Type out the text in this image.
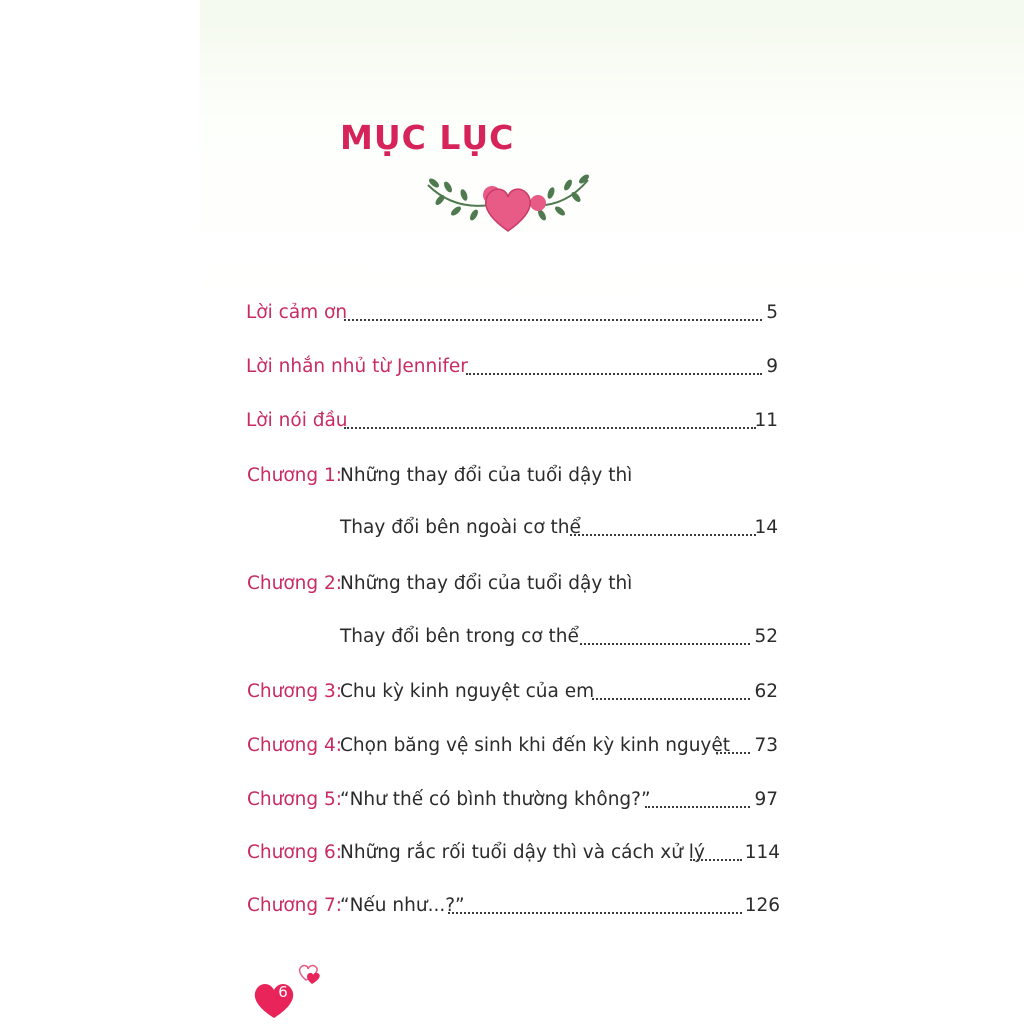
MỤC LỤC
Lời cảm ơn	5
Lời nhắn nhủ từ Jennifer	9
Lời nói đầu	11
Chương 1:
Những thay đổi của tuổi dậy thì
Thay đổi bên ngoài cơ thể	14
Chương 2:
Những thay đổi của tuổi dậy thì
Thay đổi bên trong cơ thể	52
Chương 3:
Chu kỳ kinh nguyệt của em	62
Chương 4:
Chọn băng vệ sinh khi đến kỳ kinh nguyệt	73
Chương 5:
“Như thế có bình thường không?”	97
Chương 6:
Những rắc rối tuổi dậy thì và cách xử lý 114
Chương 7:
“Nếu như...?”	126
6
